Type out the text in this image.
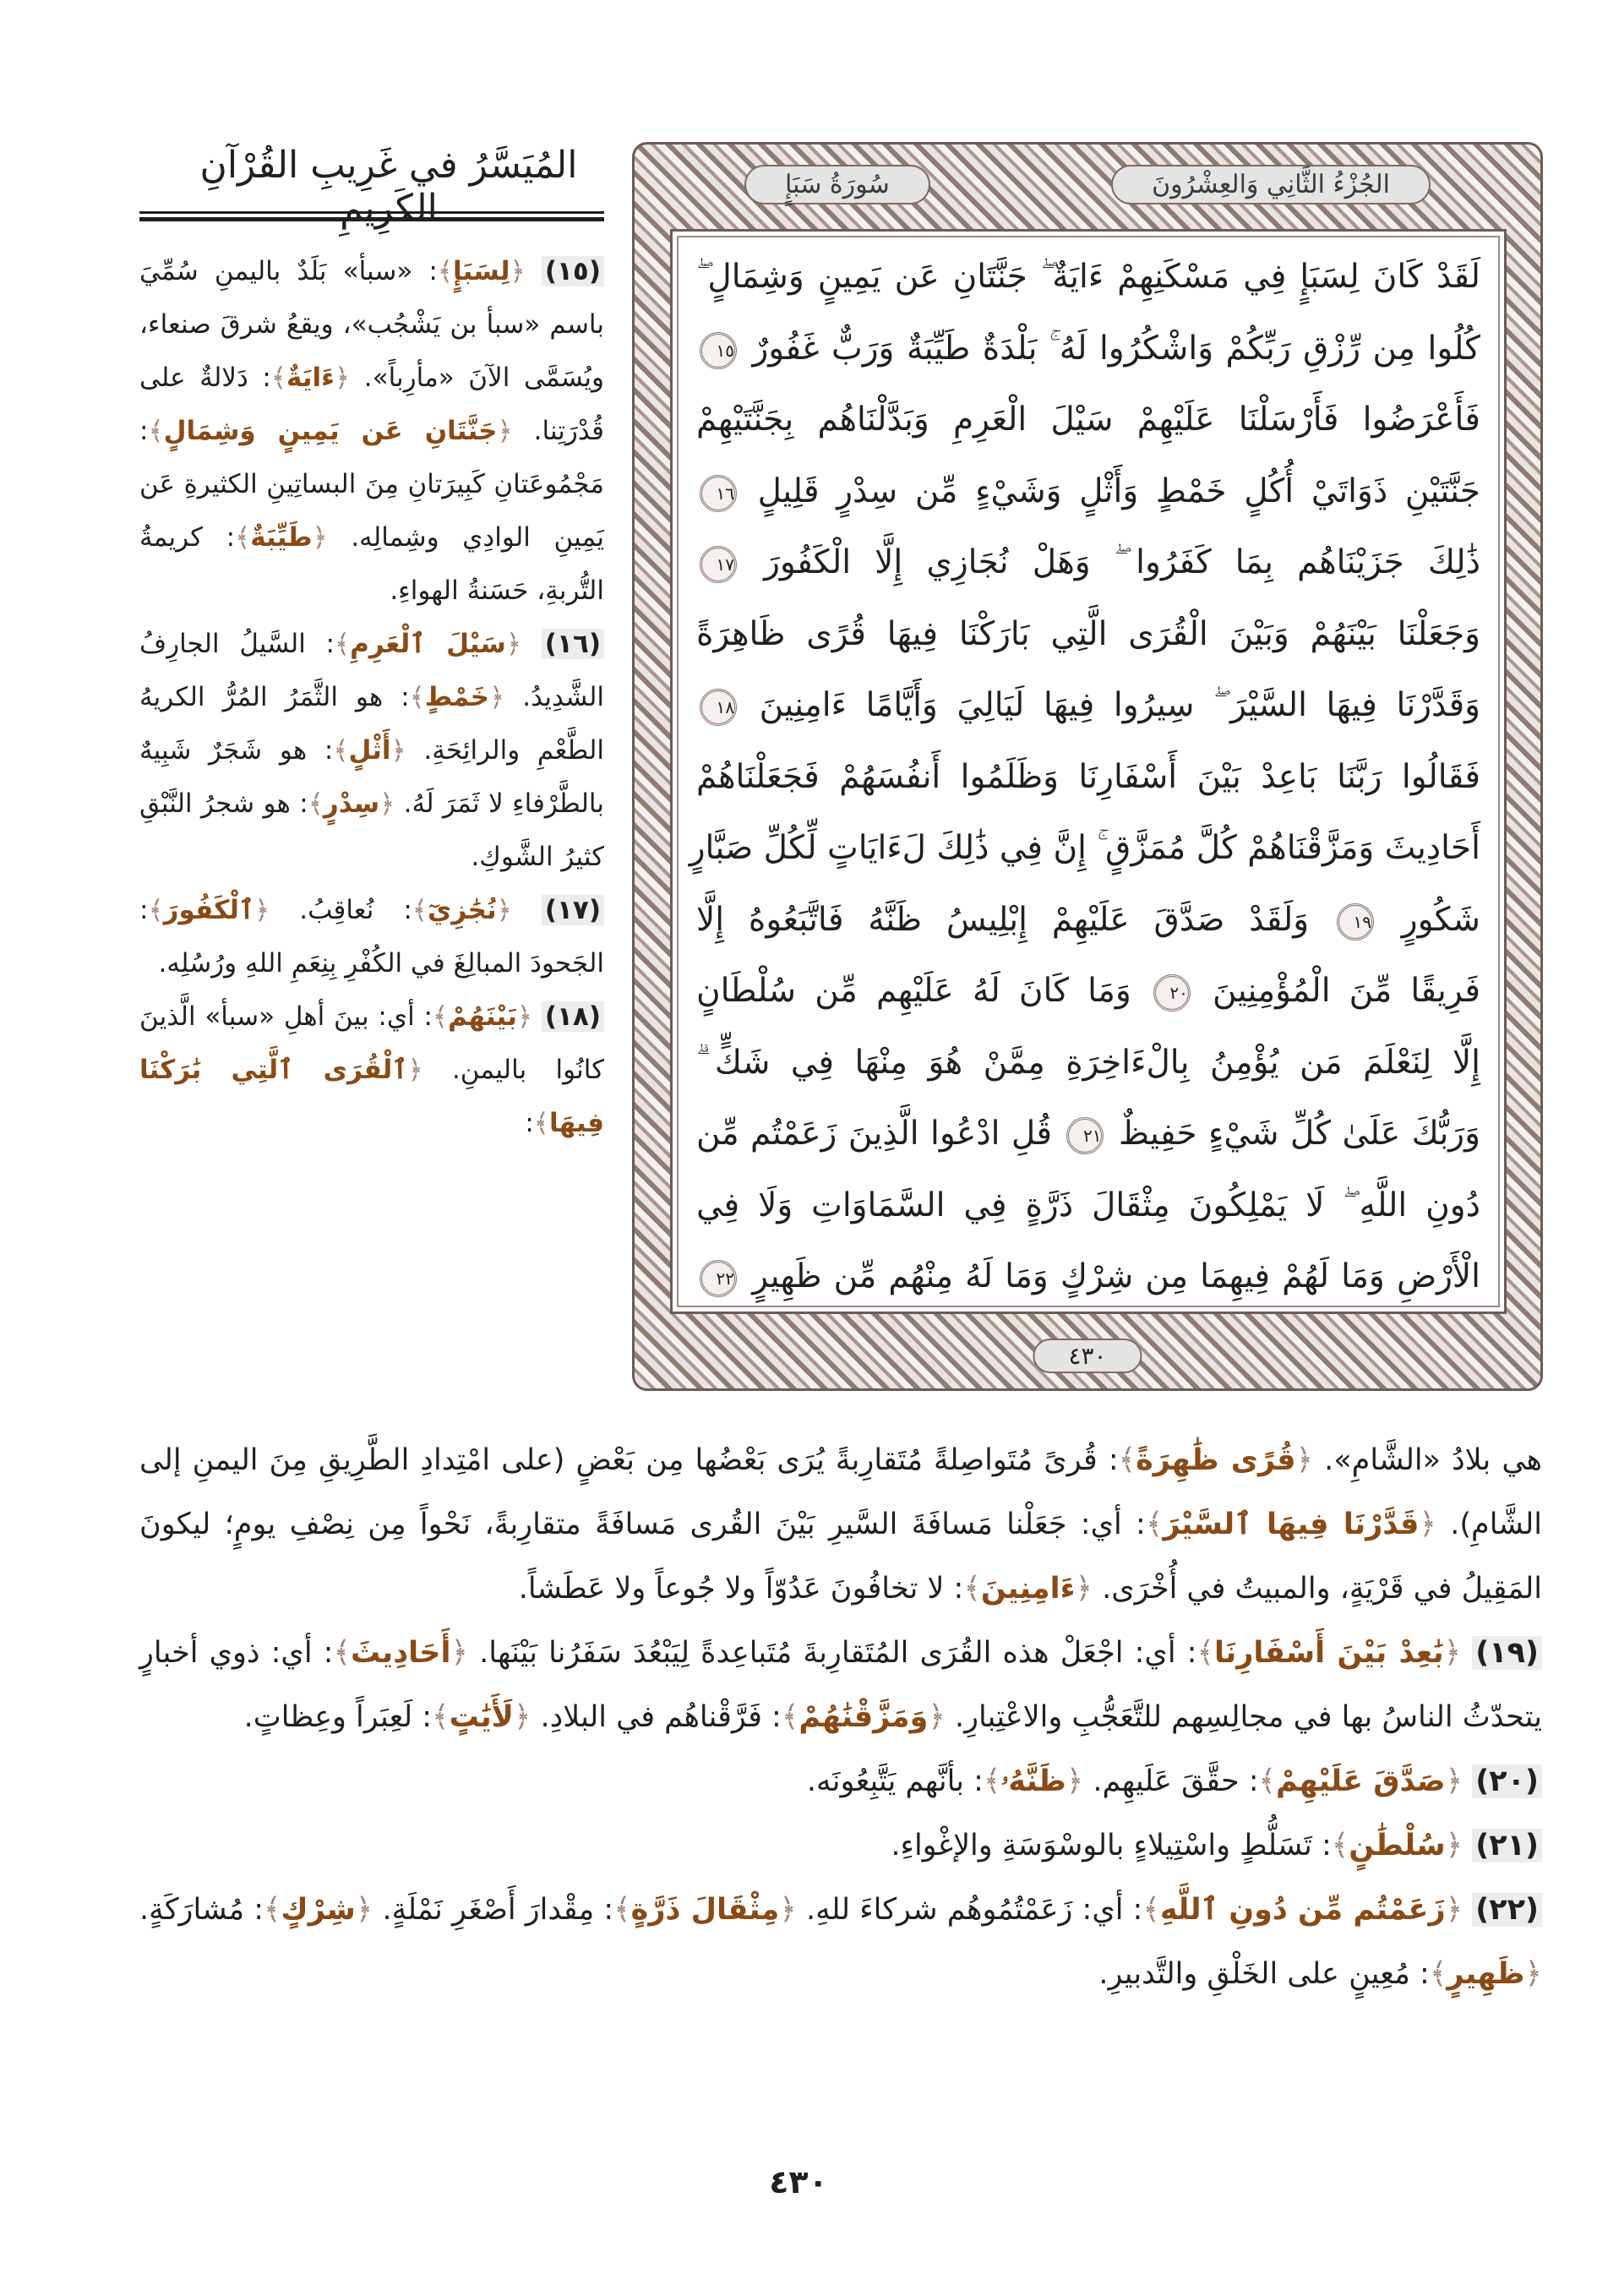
المُيَسَّرُ في غَرِيبِ القُرْآنِ الكَرِيمِ

(١٥) ﴿لِسَبَإٍ﴾: «سبأ» بَلَدٌ باليمنِ سُمِّيَ باسم «سبأ بن يَشْجُب»، ويقعُ شرقَ صنعاء، ويُسَمَّى الآنَ «مأرِباً». ﴿ءَايَةٌ﴾: دَلالةٌ على قُدْرَتِنا. ﴿جَنَّتَانِ عَن يَمِينٍ وَشِمَالٍ﴾: مَجْمُوعَتانِ كَبِيرَتانِ مِنَ البساتِينِ الكثيرةِ عَن يَمِينِ الوادِي وشِمالِه. ﴿طَيِّبَةٌ﴾: كريمةُ التُّربةِ، حَسَنةُ الهواءِ.

(١٦) ﴿سَيْلَ ٱلْعَرِمِ﴾: السَّيلُ الجارِفُ الشَّدِيدُ. ﴿خَمْطٍ﴾: هو الثَّمَرُ المُرُّ الكريهُ الطَّعْمِ والرائِحَةِ. ﴿أَثْلٍ﴾: هو شَجَرٌ شَبِيهٌ بالطَّرْفاءِ لا ثَمَرَ لَهُ. ﴿سِدْرٍ﴾: هو شجرُ النَّبْقِ كثيرُ الشَّوكِ.

(١٧) ﴿نُجَٰزِيٓ﴾: نُعاقِبُ. ﴿ٱلْكَفُورَ﴾: الجَحودَ المبالِغَ في الكُفْرِ بِنِعَمِ اللهِ ورُسُلِه.

(١٨) ﴿بَيْنَهُمْ﴾: أي: بينَ أهلِ «سبأ» الَّذينَ كانُوا باليمنِ. ﴿ٱلْقُرَى ٱلَّتِي بَٰرَكْنَا فِيهَا﴾:

الجُزْءُ الثَّانِي وَالعِشْرُونَ
سُورَةُ سَبَإٍ
لَقَدْ كَانَ لِسَبَإٍ فِي مَسْكَنِهِمْ ءَايَةٌ ۖ جَنَّتَانِ عَن يَمِينٍ وَشِمَالٍ ۖ
كُلُوا مِن رِّزْقِ رَبِّكُمْ وَاشْكُرُوا لَهُ ۚ بَلْدَةٌ طَيِّبَةٌ وَرَبٌّ غَفُورٌ ١٥
فَأَعْرَضُوا فَأَرْسَلْنَا عَلَيْهِمْ سَيْلَ الْعَرِمِ وَبَدَّلْنَاهُم بِجَنَّتَيْهِمْ
جَنَّتَيْنِ ذَوَاتَيْ أُكُلٍ خَمْطٍ وَأَثْلٍ وَشَيْءٍ مِّن سِدْرٍ قَلِيلٍ ١٦
ذَٰلِكَ جَزَيْنَاهُم بِمَا كَفَرُوا ۖ وَهَلْ نُجَازِي إِلَّا الْكَفُورَ ١٧
وَجَعَلْنَا بَيْنَهُمْ وَبَيْنَ الْقُرَى الَّتِي بَارَكْنَا فِيهَا قُرًى ظَاهِرَةً
وَقَدَّرْنَا فِيهَا السَّيْرَ ۖ سِيرُوا فِيهَا لَيَالِيَ وَأَيَّامًا ءَامِنِينَ ١٨
فَقَالُوا رَبَّنَا بَاعِدْ بَيْنَ أَسْفَارِنَا وَظَلَمُوا أَنفُسَهُمْ فَجَعَلْنَاهُمْ
أَحَادِيثَ وَمَزَّقْنَاهُمْ كُلَّ مُمَزَّقٍ ۚ إِنَّ فِي ذَٰلِكَ لَءَايَاتٍ لِّكُلِّ صَبَّارٍ
شَكُورٍ ١٩ وَلَقَدْ صَدَّقَ عَلَيْهِمْ إِبْلِيسُ ظَنَّهُ فَاتَّبَعُوهُ إِلَّا
فَرِيقًا مِّنَ الْمُؤْمِنِينَ ٢٠ وَمَا كَانَ لَهُ عَلَيْهِم مِّن سُلْطَانٍ
إِلَّا لِنَعْلَمَ مَن يُؤْمِنُ بِالْءَاخِرَةِ مِمَّنْ هُوَ مِنْهَا فِي شَكٍّ ۗ
وَرَبُّكَ عَلَىٰ كُلِّ شَيْءٍ حَفِيظٌ ٢١ قُلِ ادْعُوا الَّذِينَ زَعَمْتُم مِّن
دُونِ اللَّهِ ۖ لَا يَمْلِكُونَ مِثْقَالَ ذَرَّةٍ فِي السَّمَاوَاتِ وَلَا فِي
الْأَرْضِ وَمَا لَهُمْ فِيهِمَا مِن شِرْكٍ وَمَا لَهُ مِنْهُم مِّن ظَهِيرٍ ٢٢
٤٣٠

هي بلادُ «الشَّامِ». ﴿قُرًى ظَٰهِرَةً﴾: قُرىً مُتَواصِلةً مُتَقارِبةً يُرَى بَعْضُها مِن بَعْضٍ (على امْتِدادِ الطَّرِيقِ مِنَ اليمنِ إلى الشَّامِ). ﴿قَدَّرْنَا فِيهَا ٱلسَّيْرَ﴾: أي: جَعَلْنا مَسافَةَ السَّيرِ بَيْنَ القُرى مَسافَةً متقارِبةً، نَحْواً مِن نِصْفِ يومٍ؛ ليكونَ المَقِيلُ في قَرْيَةٍ، والمبيتُ في أُخْرَى. ﴿ءَامِنِينَ﴾: لا تخافُونَ عَدُوّاً ولا جُوعاً ولا عَطَشاً.

(١٩) ﴿بَٰعِدْ بَيْنَ أَسْفَارِنَا﴾: أي: اجْعَلْ هذه القُرَى المُتَقارِبةَ مُتَباعِدةً لِيَبْعُدَ سَفَرُنا بَيْنَها. ﴿أَحَادِيثَ﴾: أي: ذوي أخبارٍ يتحدّثُ الناسُ بها في مجالِسِهم للتَّعَجُّبِ والاعْتِبارِ. ﴿وَمَزَّقْنَٰهُمْ﴾: فَرَّقْناهُم في البلادِ. ﴿لَأَيَٰتٍ﴾: لَعِبَراً وعِظاتٍ.

(٢٠) ﴿صَدَّقَ عَلَيْهِمْ﴾: حقَّقَ عَلَيهِم. ﴿ظَنَّهُۥ﴾: بأنَّهم يَتَّبِعُونَه.

(٢١) ﴿سُلْطَٰنٍ﴾: تَسَلُّطٍ واسْتِيلاءٍ بالوسْوَسَةِ والإغْواءِ.

(٢٢) ﴿زَعَمْتُم مِّن دُونِ ٱللَّهِ﴾: أي: زَعَمْتُمُوهُم شركاءَ للهِ. ﴿مِثْقَالَ ذَرَّةٍ﴾: مِقْدارَ أَصْغَرِ نَمْلَةٍ. ﴿شِرْكٍ﴾: مُشارَكَةٍ. ﴿ظَهِيرٍ﴾: مُعِينٍ على الخَلْقِ والتَّدبيرِ.

٤٣٠
